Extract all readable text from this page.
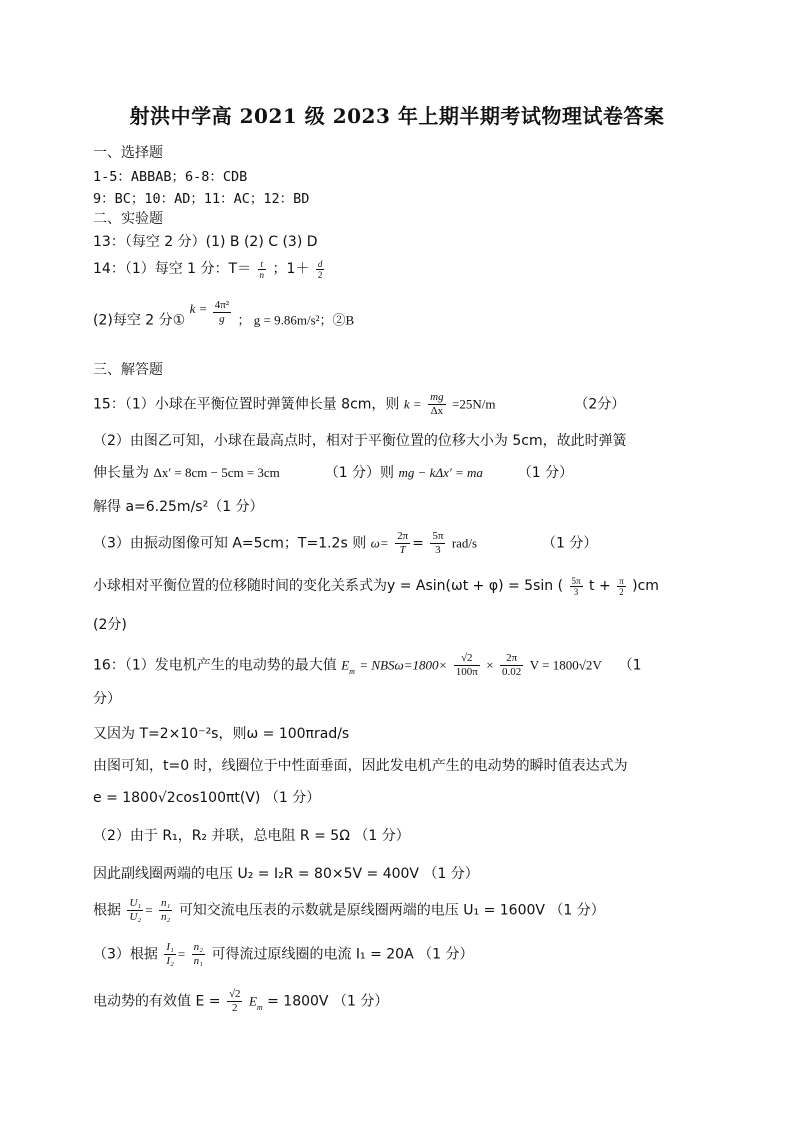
射洪中学高 2021 级 2023 年上期半期考试物理试卷答案
一、选择题
1-5：ABBAB；6-8：CDB
9：BC；10：AD；11：AC；12：BD
二、实验题
13：（每空 2 分）(1) B (2) C (3) D
14：（1）每空 1 分：$T= \frac{t}{n}$ ；$1+ \frac{d}{2}$
(2)每空 2 分① $k = \frac{\text{4π²}}{g}$ ； g = 9.86m/s²；②B
三、解答题
15：（1）小球在平衡位置时弹簧伸长量 8cm，则 $k = \frac{mg}{\Delta x} =25N/m$	（2分）
（2）由图乙可知，小球在最高点时，相对于平衡位置的位移大小为 5cm，故此时弹簧
伸长量为 Δx′ = 8cm − 5cm = 3cm	（1 分）则 mg − kΔx′ = ma （1 分）
解得 a=6.25m/s²（1 分）
（3）由振动图像可知 A=5cm；T=1.2s 则 $\omega= \frac{2\pi}{T} = \frac{5\pi}{3} rad/s$	（1 分）
小球相对平衡位置的位移随时间的变化关系式为y = Asin(ωt + φ) = 5sin ( $\frac{5\pi}{3}$ $t + \frac{\pi}{2} )cm$
(2分)
16：（1）发电机产生的电动势的最大值 $E_m = NBS\omega=1800\times \frac{√2}{100\pi} \times \frac{2\pi}{0.02}$ V = 1800√2V （1
分）
又因为 T=2×10⁻²s，则ω = 100πrad/s
由图可知，t=0 时，线圈位于中性面垂面，因此发电机产生的电动势的瞬时值表达式为
e = 1800√2cos100πt(V) （1 分）
（2）由于 R₁，R₂ 并联，总电阻 R = 5Ω （1 分）
因此副线圈两端的电压 U₂ = I₂R = 80×5V = 400V （1 分）
根据 $\frac{\text{U₁}}{\text{U₂}} = \frac{\text{n₁}}{\text{n₂}}$ 可知交流电压表的示数就是原线圈两端的电压 U₁ = 1600V （1 分）
（3）根据 $\frac{\text{I₁}}{\text{I₂}} = \frac{\text{n₂}}{\text{n₁}}$ 可得流过原线圈的电流 I₁ = 20A （1 分）
电动势的有效值 $E = \frac{√2}{2} E_m = 1800V$ （1 分）
